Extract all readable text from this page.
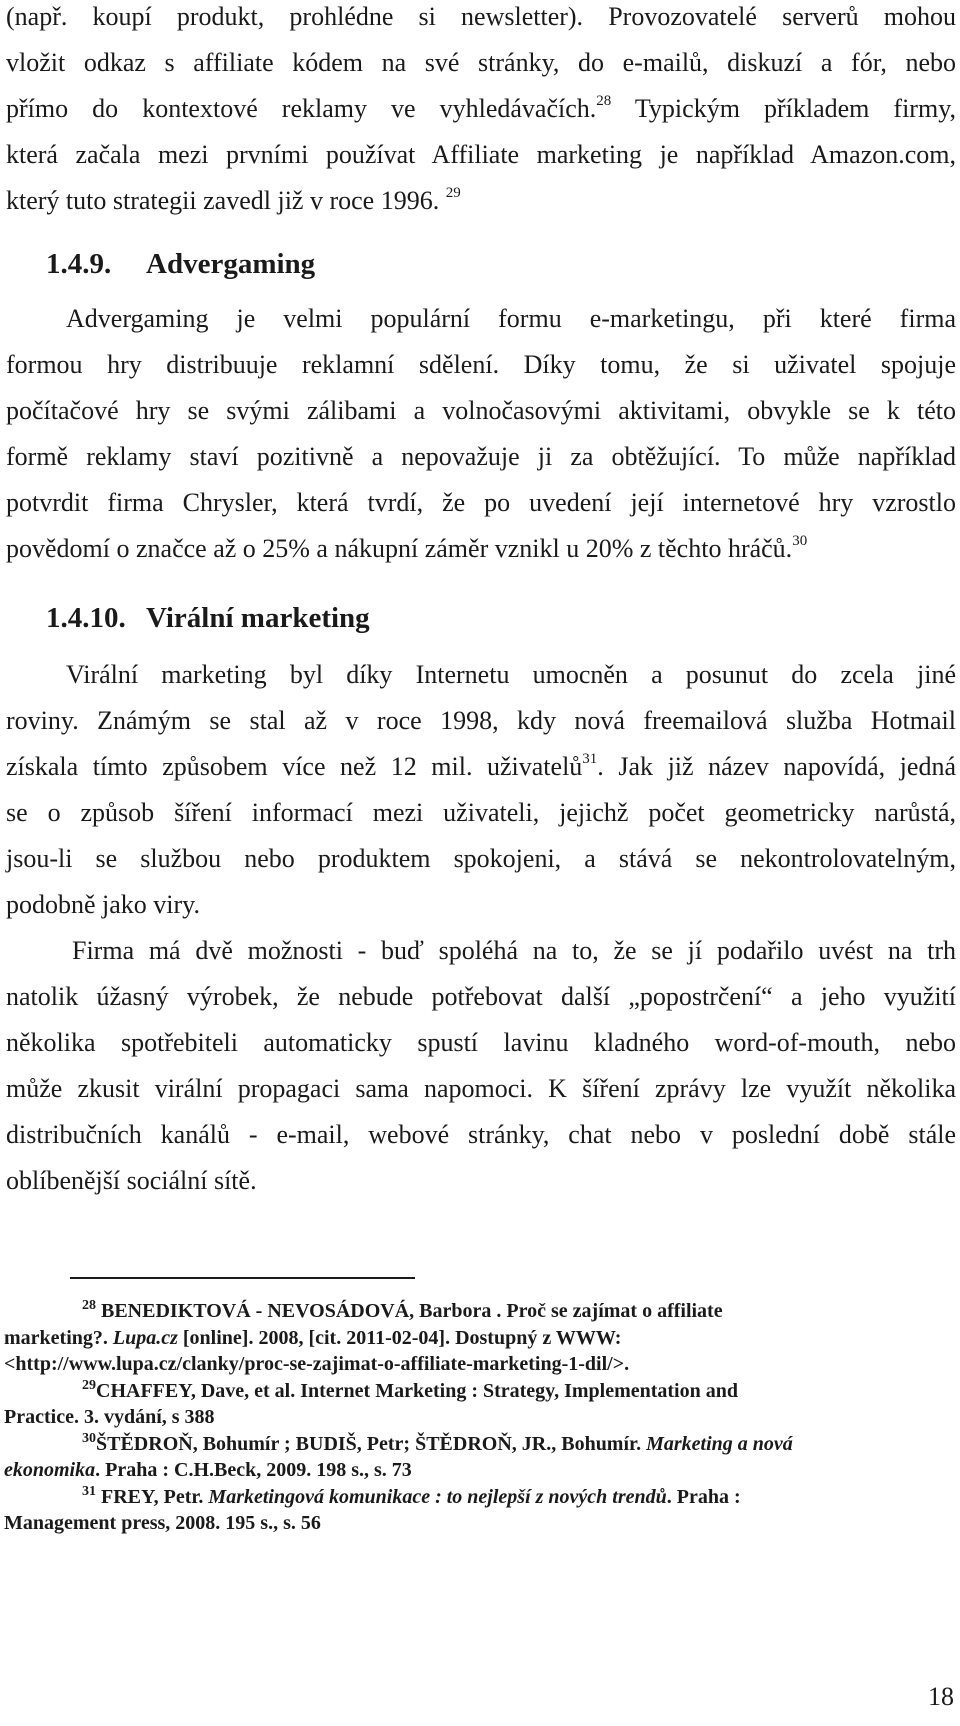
(např. koupí produkt, prohlédne si newsletter). Provozovatelé serverů mohou
vložit odkaz s affiliate kódem na své stránky, do e-mailů, diskuzí a fór, nebo
přímo do kontextové reklamy ve vyhledávačích.$^{28}$ Typickým příkladem firmy,
která začala mezi prvními používat Affiliate marketing je například Amazon.com,
který tuto strategii zavedl již v roce 1996. $^{29}$
1.4.9. Advergaming
Advergaming je velmi populární formu e-marketingu, při které firma
formou hry distribuuje reklamní sdělení. Díky tomu, že si uživatel spojuje
počítačové hry se svými zálibami a volnočasovými aktivitami, obvykle se k této
formě reklamy staví pozitivně a nepovažuje ji za obtěžující. To může například
potvrdit firma Chrysler, která tvrdí, že po uvedení její internetové hry vzrostlo
povědomí o značce až o 25% a nákupní záměr vznikl u 20% z těchto hráčů.$^{30}$
1.4.10. Virální marketing
Virální marketing byl díky Internetu umocněn a posunut do zcela jiné
roviny. Známým se stal až v roce 1998, kdy nová freemailová služba Hotmail
získala tímto způsobem více než 12 mil. uživatelů$^{31}$. Jak již název napovídá, jedná
se o způsob šíření informací mezi uživateli, jejichž počet geometricky narůstá,
jsou-li se službou nebo produktem spokojeni, a stává se nekontrolovatelným,
podobně jako viry.
Firma má dvě možnosti - buď spoléhá na to, že se jí podařilo uvést na trh
natolik úžasný výrobek, že nebude potřebovat další „popostrčení“ a jeho využití
několika spotřebiteli automaticky spustí lavinu kladného word-of-mouth, nebo
může zkusit virální propagaci sama napomoci. K šíření zprávy lze využít několika
distribučních kanálů - e-mail, webové stránky, chat nebo v poslední době stále
oblíbenější sociální sítě.

$^{28}$ BENEDIKTOVÁ - NEVOSÁDOVÁ, Barbora . Proč se zajímat o affiliate
marketing?. Lupa.cz [online]. 2008, [cit. 2011-02-04]. Dostupný z WWW:
<http://www.lupa.cz/clanky/proc-se-zajimat-o-affiliate-marketing-1-dil/>.

$^{29}$CHAFFEY, Dave, et al. Internet Marketing : Strategy, Implementation and
Practice. 3. vydání, s 388

$^{30}$ŠTĚDROŇ, Bohumír ; BUDIŠ, Petr; ŠTĚDROŇ, JR., Bohumír. Marketing a nová
ekonomika. Praha : C.H.Beck, 2009. 198 s., s. 73

$^{31}$ FREY, Petr. Marketingová komunikace : to nejlepší z nových trendů. Praha :
Management press, 2008. 195 s., s. 56

18
